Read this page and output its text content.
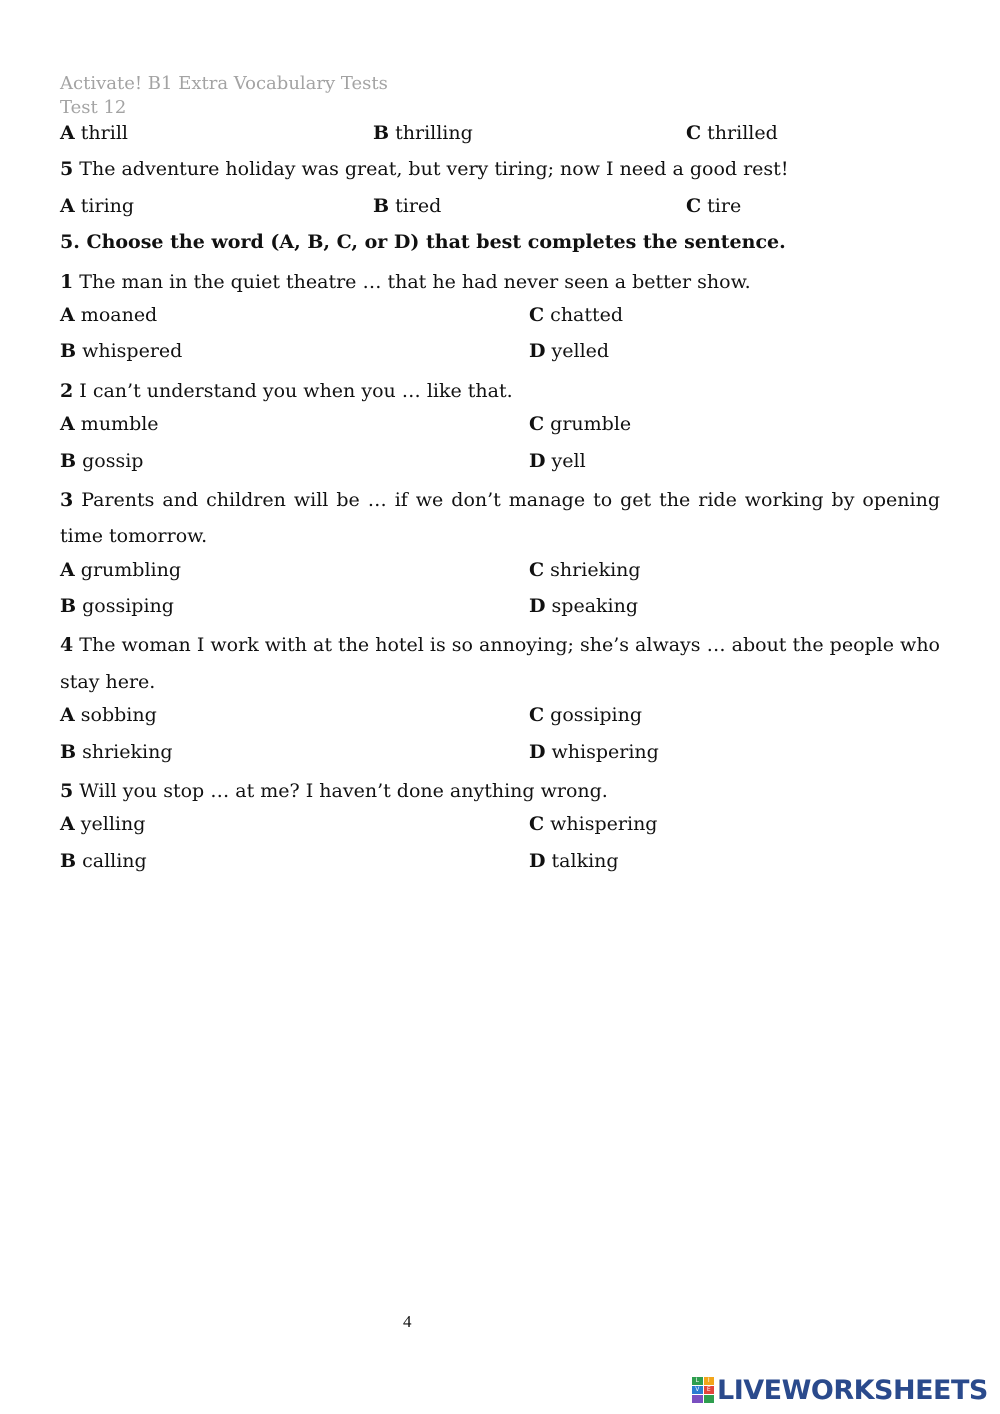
Activate! B1 Extra Vocabulary Tests
Test 12
A thrill	B thrilling	C thrilled
5 The adventure holiday was great, but very tiring; now I need a good rest!
A tiring	B tired	C tire
5. Choose the word (A, B, C, or D) that best completes the sentence.
1 The man in the quiet theatre … that he had never seen a better show.
A moaned	C chatted
B whispered	D yelled
2 I can’t understand you when you … like that.
A mumble	C grumble
B gossip	D yell
3 Parents and children will be … if we don’t manage to get the ride working by opening time tomorrow.
A grumbling	C shrieking
B gossiping	D speaking
4 The woman I work with at the hotel is so annoying; she’s always … about the people who stay here.
A sobbing	C gossiping
B shrieking	D whispering
5 Will you stop … at me? I haven’t done anything wrong.
A yelling	C whispering
B calling	D talking
4
L	I
V	E LIVEWORKSHEETS
